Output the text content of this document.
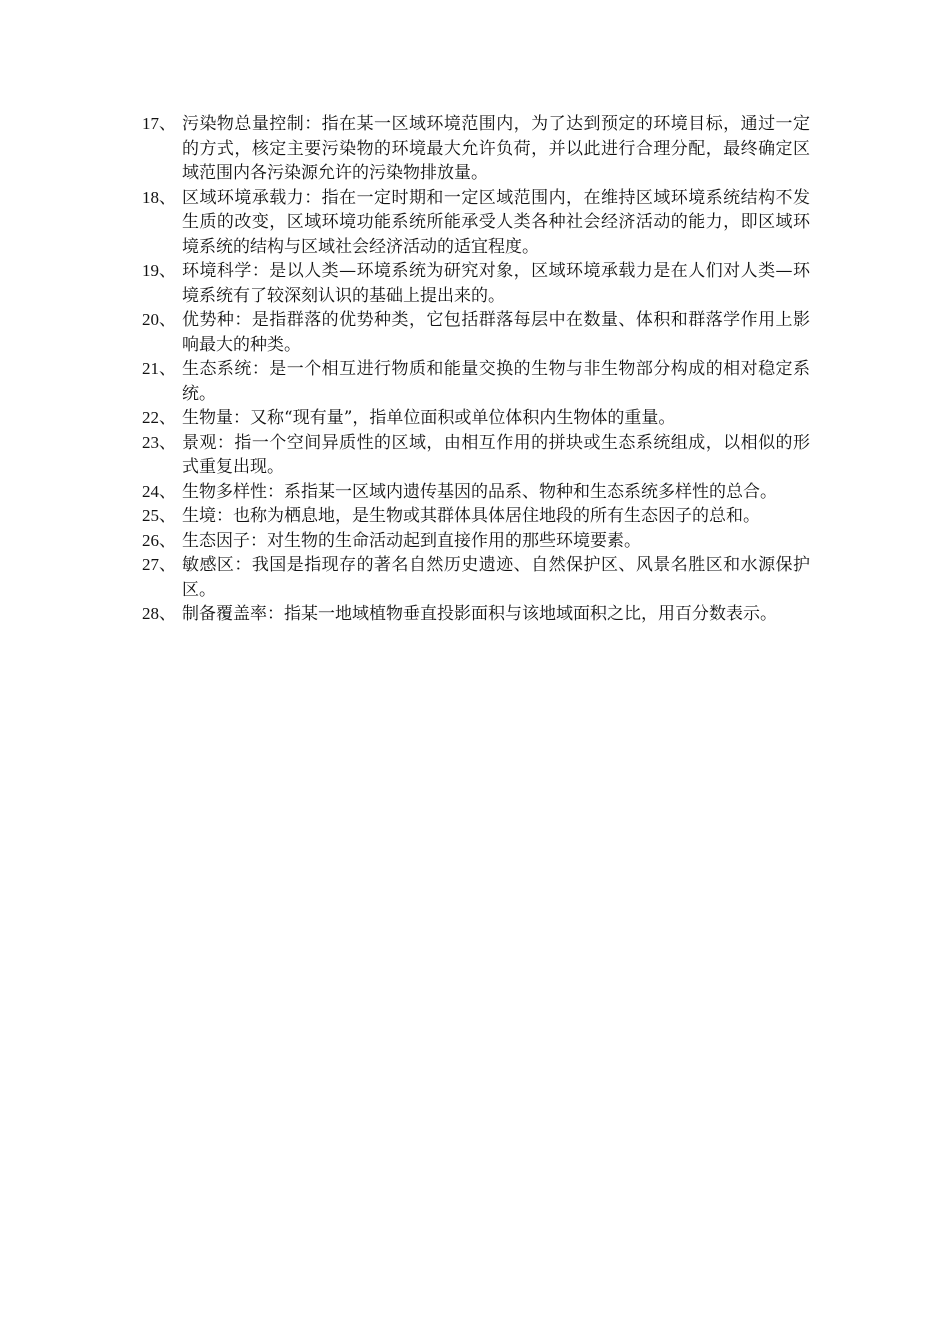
17、 污染物总量控制：指在某一区域环境范围内，为了达到预定的环境目标，通过一定的方式，核定主要污染物的环境最大允许负荷，并以此进行合理分配，最终确定区域范围内各污染源允许的污染物排放量。
18、 区域环境承载力：指在一定时期和一定区域范围内，在维持区域环境系统结构不发生质的改变，区域环境功能系统所能承受人类各种社会经济活动的能力，即区域环境系统的结构与区域社会经济活动的适宜程度。
19、 环境科学：是以人类—环境系统为研究对象，区域环境承载力是在人们对人类—环境系统有了较深刻认识的基础上提出来的。
20、 优势种：是指群落的优势种类，它包括群落每层中在数量、体积和群落学作用上影响最大的种类。
21、 生态系统：是一个相互进行物质和能量交换的生物与非生物部分构成的相对稳定系统。
22、 生物量：又称“现有量”，指单位面积或单位体积内生物体的重量。
23、 景观：指一个空间异质性的区域，由相互作用的拼块或生态系统组成，以相似的形式重复出现。
24、 生物多样性：系指某一区域内遗传基因的品系、物种和生态系统多样性的总合。
25、 生境：也称为栖息地，是生物或其群体具体居住地段的所有生态因子的总和。
26、 生态因子：对生物的生命活动起到直接作用的那些环境要素。
27、 敏感区：我国是指现存的著名自然历史遗迹、自然保护区、风景名胜区和水源保护区。
28、 制备覆盖率：指某一地域植物垂直投影面积与该地域面积之比，用百分数表示。
